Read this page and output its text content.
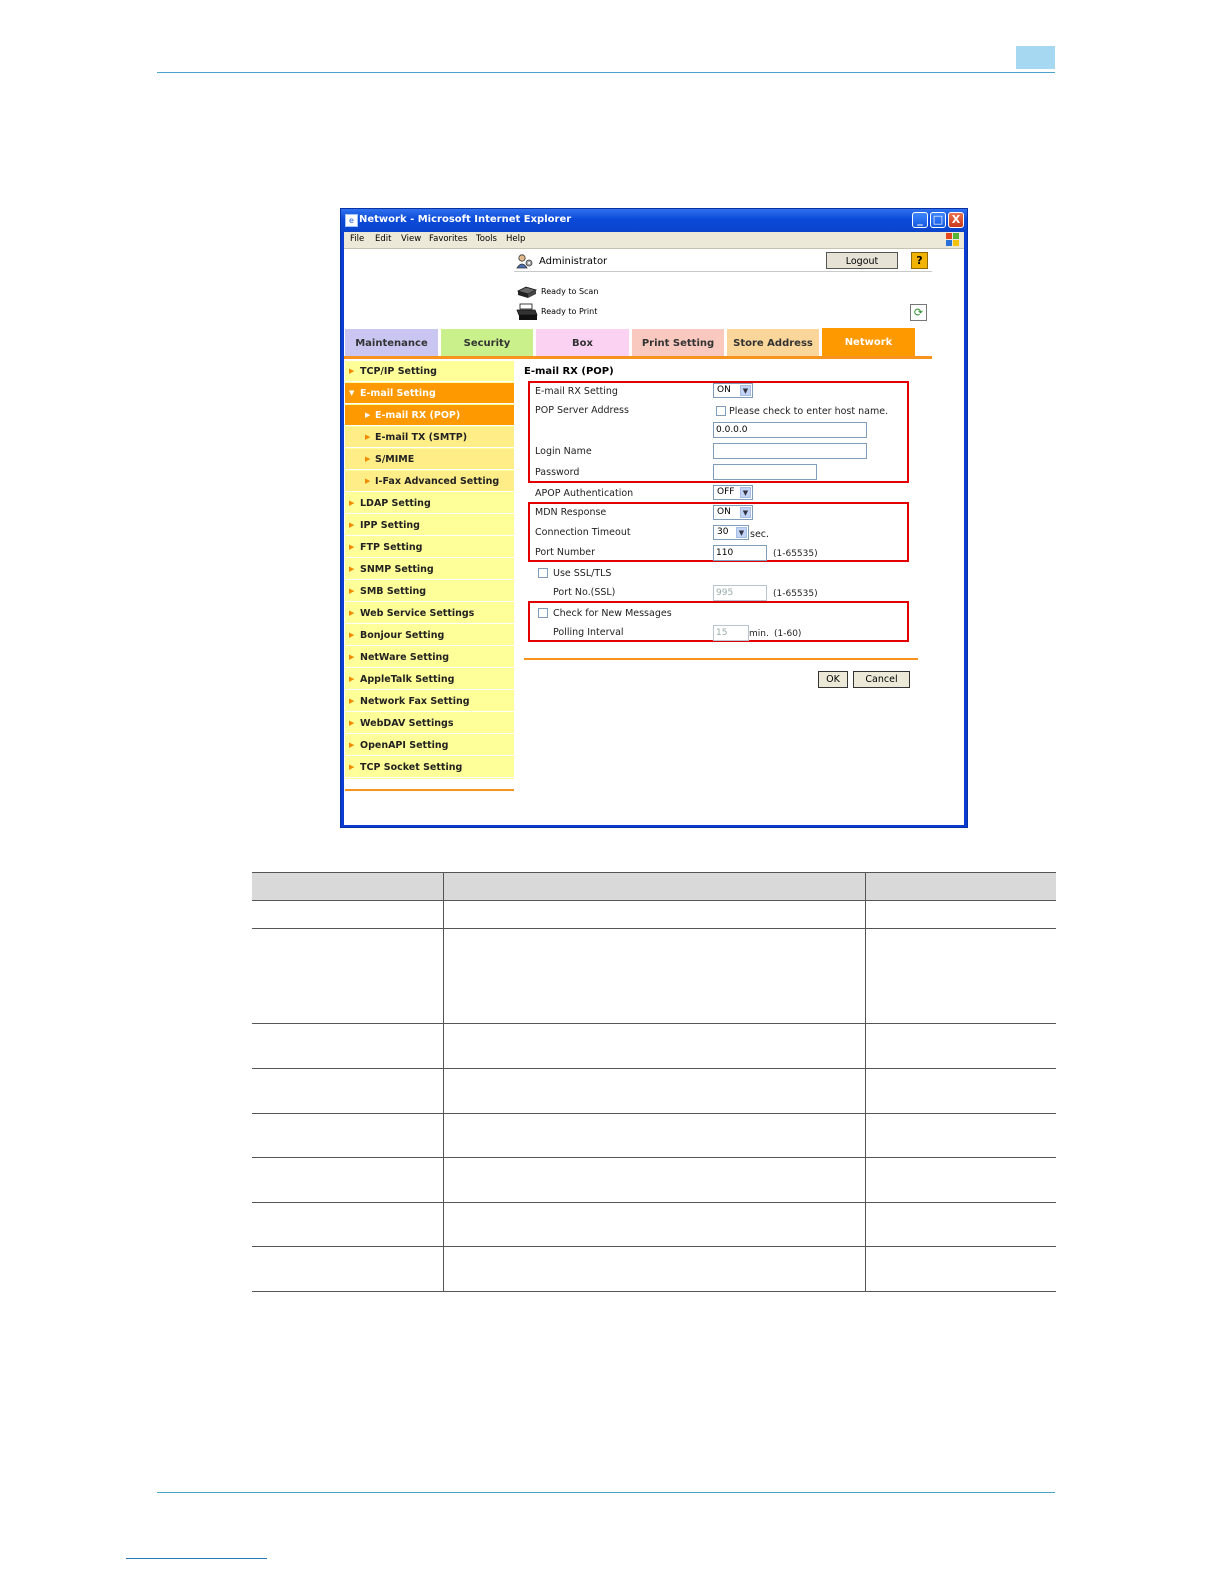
e Network - Microsoft Internet Explorer	_ □ X
File Edit View Favorites Tools Help
Administrator	Logout	?
Ready to Scan
Ready to Print	⟳
Maintenance	Security	Box	Print Setting	Store Address	Network
▶ TCP/IP Setting
▼ E-mail Setting
▶ E-mail RX (POP)
▶ E-mail TX (SMTP)
▶ S/MIME
▶ I-Fax Advanced Setting
▶ LDAP Setting
▶ IPP Setting
▶ FTP Setting
▶ SNMP Setting
▶ SMB Setting
▶ Web Service Settings
▶ Bonjour Setting
▶ NetWare Setting
▶ AppleTalk Setting
▶ Network Fax Setting
▶ WebDAV Settings
▶ OpenAPI Setting
▶ TCP Socket Setting
E-mail RX (POP)
E-mail RX Setting	ON	▼
POP Server Address	Please check to enter host name.
0.0.0.0
Login Name
Password
APOP Authentication	OFF	▼
MDN Response	ON	▼
Connection Timeout	30	▼ sec.
Port Number	110	(1-65535)
Use SSL/TLS
Port No.(SSL)	995	(1-65535)
Check for New Messages
Polling Interval	15	min. (1-60)
OK	Cancel
